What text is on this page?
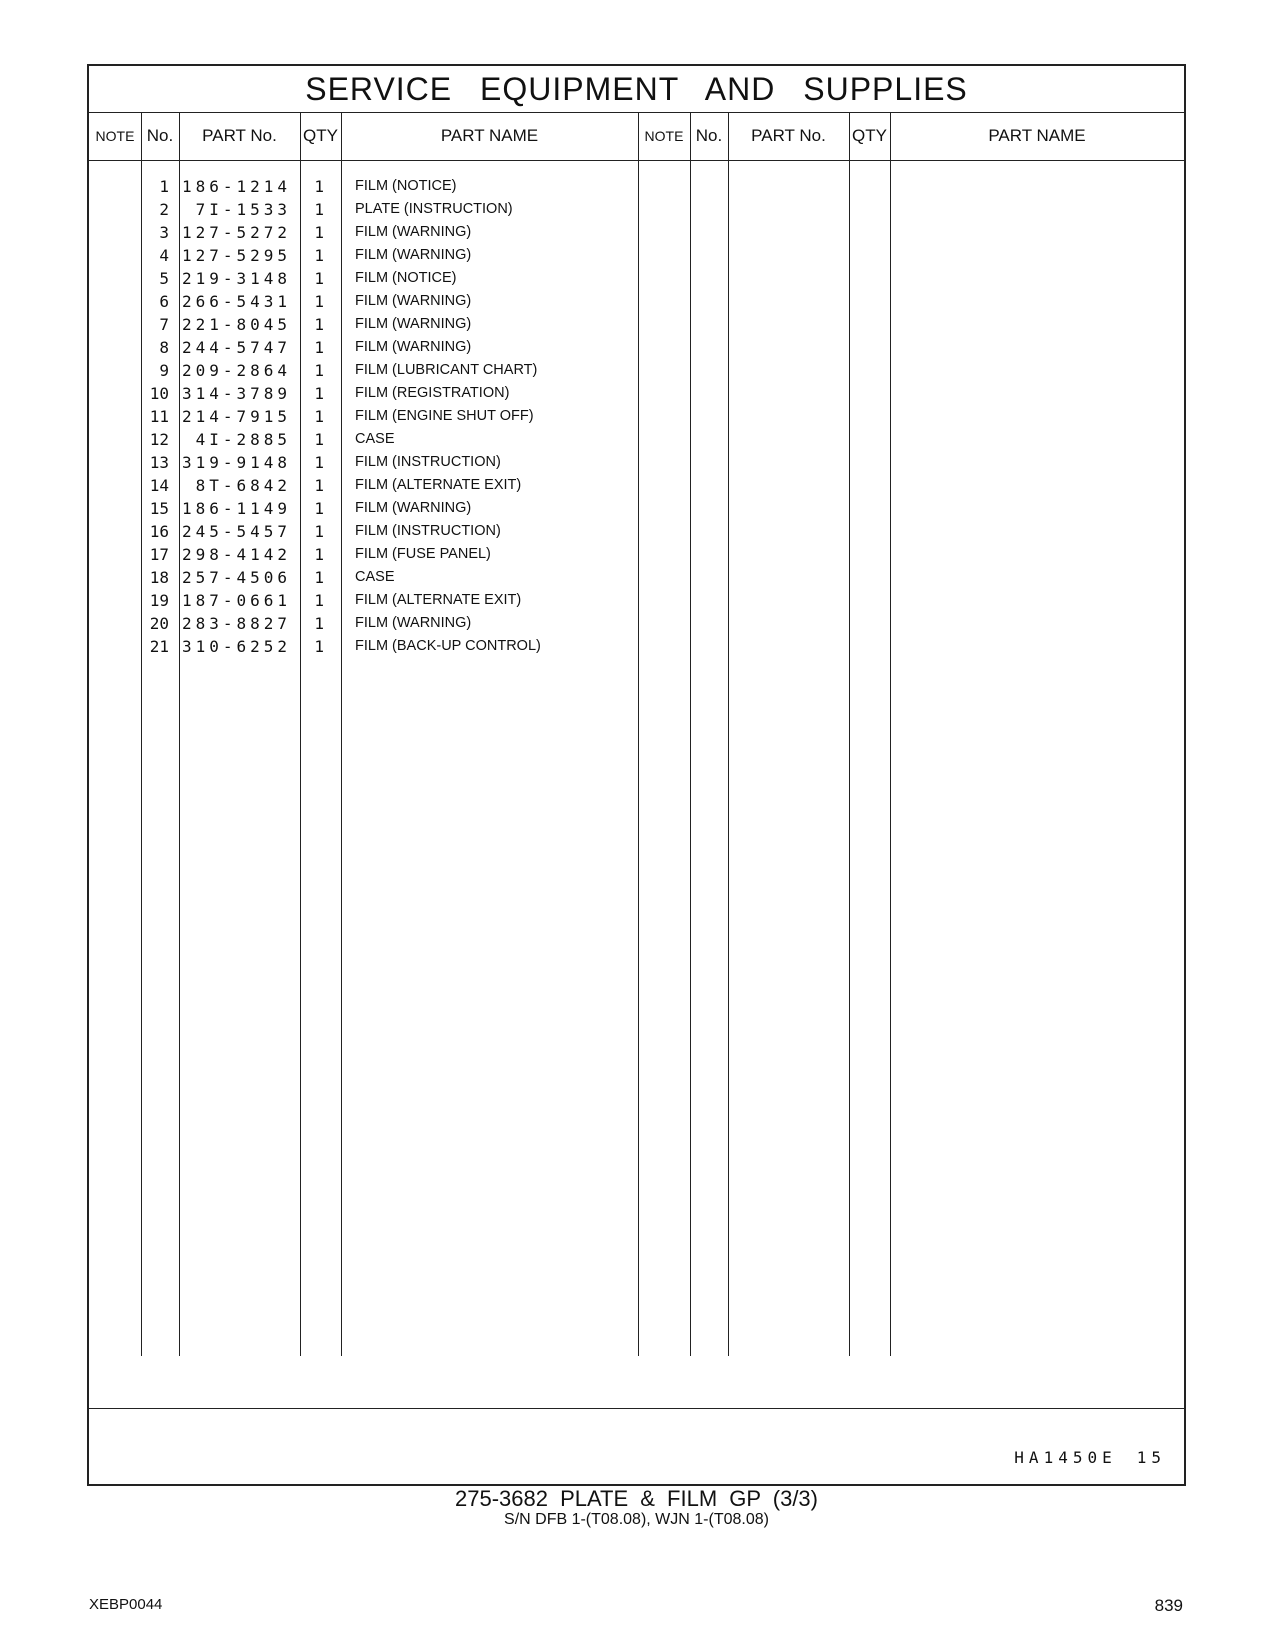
SERVICE EQUIPMENT AND SUPPLIES
NOTE No.	PART No.	QTY	PART NAME	NOTE No.	PART No.	QTY	PART NAME
1 186-1214	1 FILM (NOTICE)
2	7I-1533	1 PLATE (INSTRUCTION)
3 127-5272	1 FILM (WARNING)
4 127-5295	1 FILM (WARNING)
5 219-3148	1 FILM (NOTICE)
6 266-5431	1 FILM (WARNING)
7 221-8045	1 FILM (WARNING)
8 244-5747	1 FILM (WARNING)
9 209-2864	1 FILM (LUBRICANT CHART)
10 314-3789	1 FILM (REGISTRATION)
11 214-7915	1 FILM (ENGINE SHUT OFF)
12	4I-2885	1 CASE
13 319-9148	1 FILM (INSTRUCTION)
14	8T-6842	1 FILM (ALTERNATE EXIT)
15 186-1149	1 FILM (WARNING)
16 245-5457	1 FILM (INSTRUCTION)
17 298-4142	1 FILM (FUSE PANEL)
18 257-4506	1 CASE
19 187-0661	1 FILM (ALTERNATE EXIT)
20 283-8827	1 FILM (WARNING)
21 310-6252	1 FILM (BACK-UP CONTROL)
HA1450E 15
275-3682 PLATE & FILM GP (3/3)
S/N DFB 1-(T08.08), WJN 1-(T08.08)
XEBP0044	839
